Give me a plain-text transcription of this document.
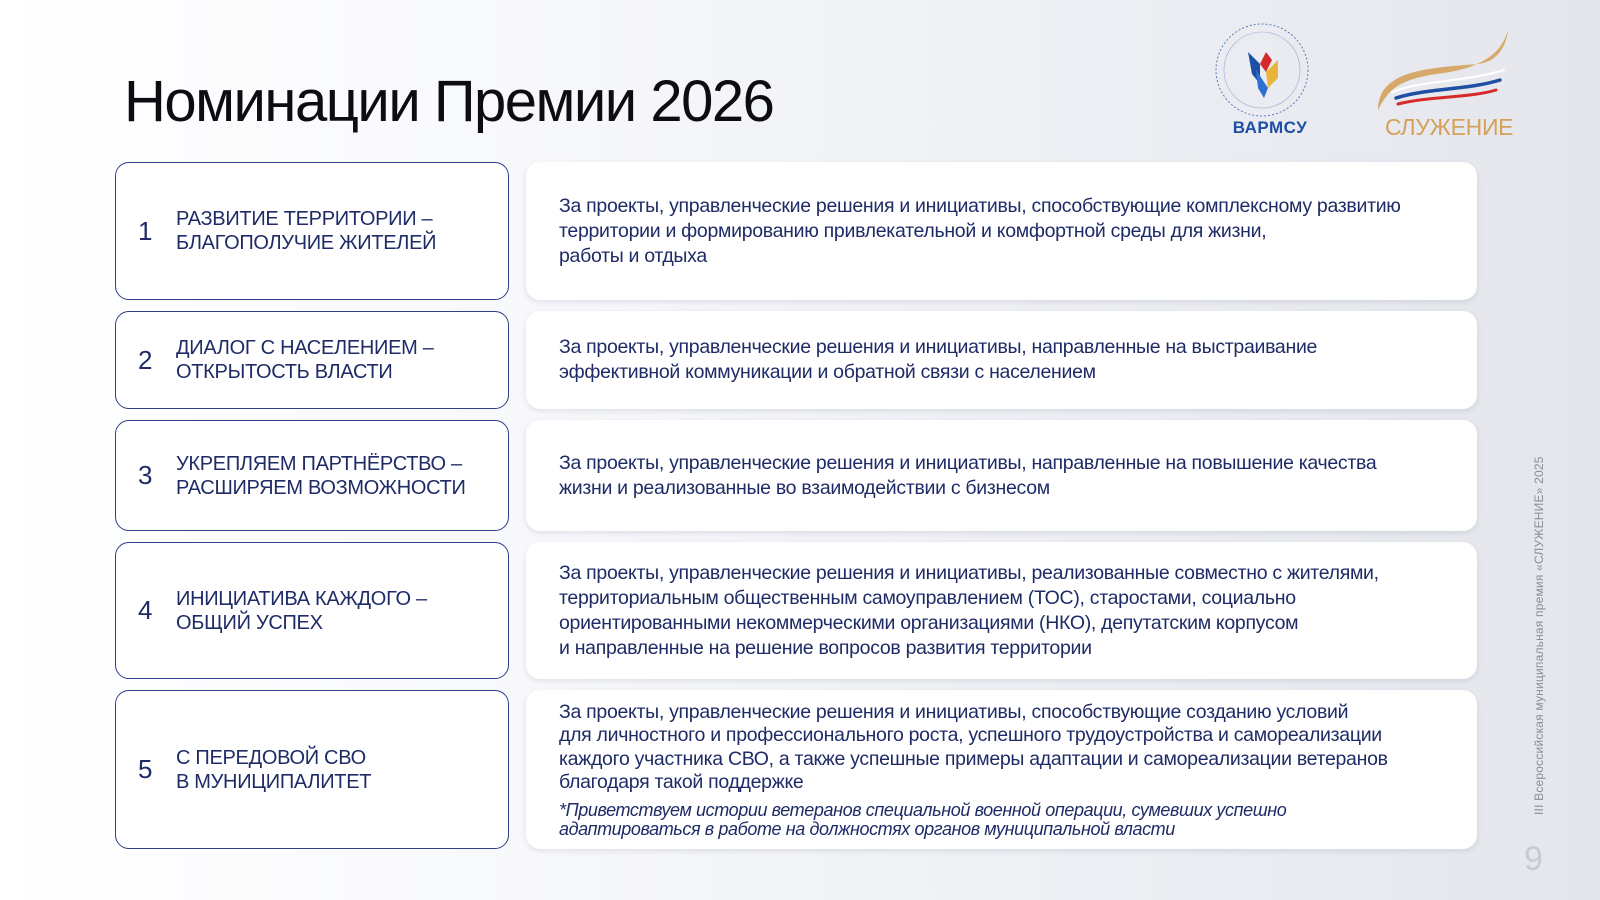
Номинации Премии 2026	ВАРМСУ	СЛУЖЕНИЕ
1	РАЗВИТИЕ ТЕРРИТОРИИ –
БЛАГОПОЛУЧИЕ ЖИТЕЛЕЙ
За проекты, управленческие решения и инициативы, способствующие комплексному развитию
территории и формированию привлекательной и комфортной среды для жизни,
работы и отдыха
2	ДИАЛОГ С НАСЕЛЕНИЕМ –
ОТКРЫТОСТЬ ВЛАСТИ
За проекты, управленческие решения и инициативы, направленные на выстраивание
эффективной коммуникации и обратной связи с населением
3	УКРЕПЛЯЕМ ПАРТНЁРСТВО –
РАСШИРЯЕМ ВОЗМОЖНОСТИ
За проекты, управленческие решения и инициативы, направленные на повышение качества
жизни и реализованные во взаимодействии с бизнесом
4	ИНИЦИАТИВА КАЖДОГО –
ОБЩИЙ УСПЕХ
За проекты, управленческие решения и инициативы, реализованные совместно с жителями,
территориальным общественным самоуправлением (ТОС), старостами, социально
ориентированными некоммерческими организациями (НКО), депутатским корпусом
и направленные на решение вопросов развития территории
5	С ПЕРЕДОВОЙ СВО
В МУНИЦИПАЛИТЕТ
За проекты, управленческие решения и инициативы, способствующие созданию условий
для личностного и профессионального роста, успешного трудоустройства и самореализации
каждого участника СВО, а также успешные примеры адаптации и самореализации ветеранов
благодаря такой поддержке
*Приветствуем истории ветеранов специальной военной операции, сумевших успешно
адаптироваться в работе на должностях органов муниципальной власти
III Всероссийская муниципальная премия «СЛУЖЕНИЕ» 2025
9
